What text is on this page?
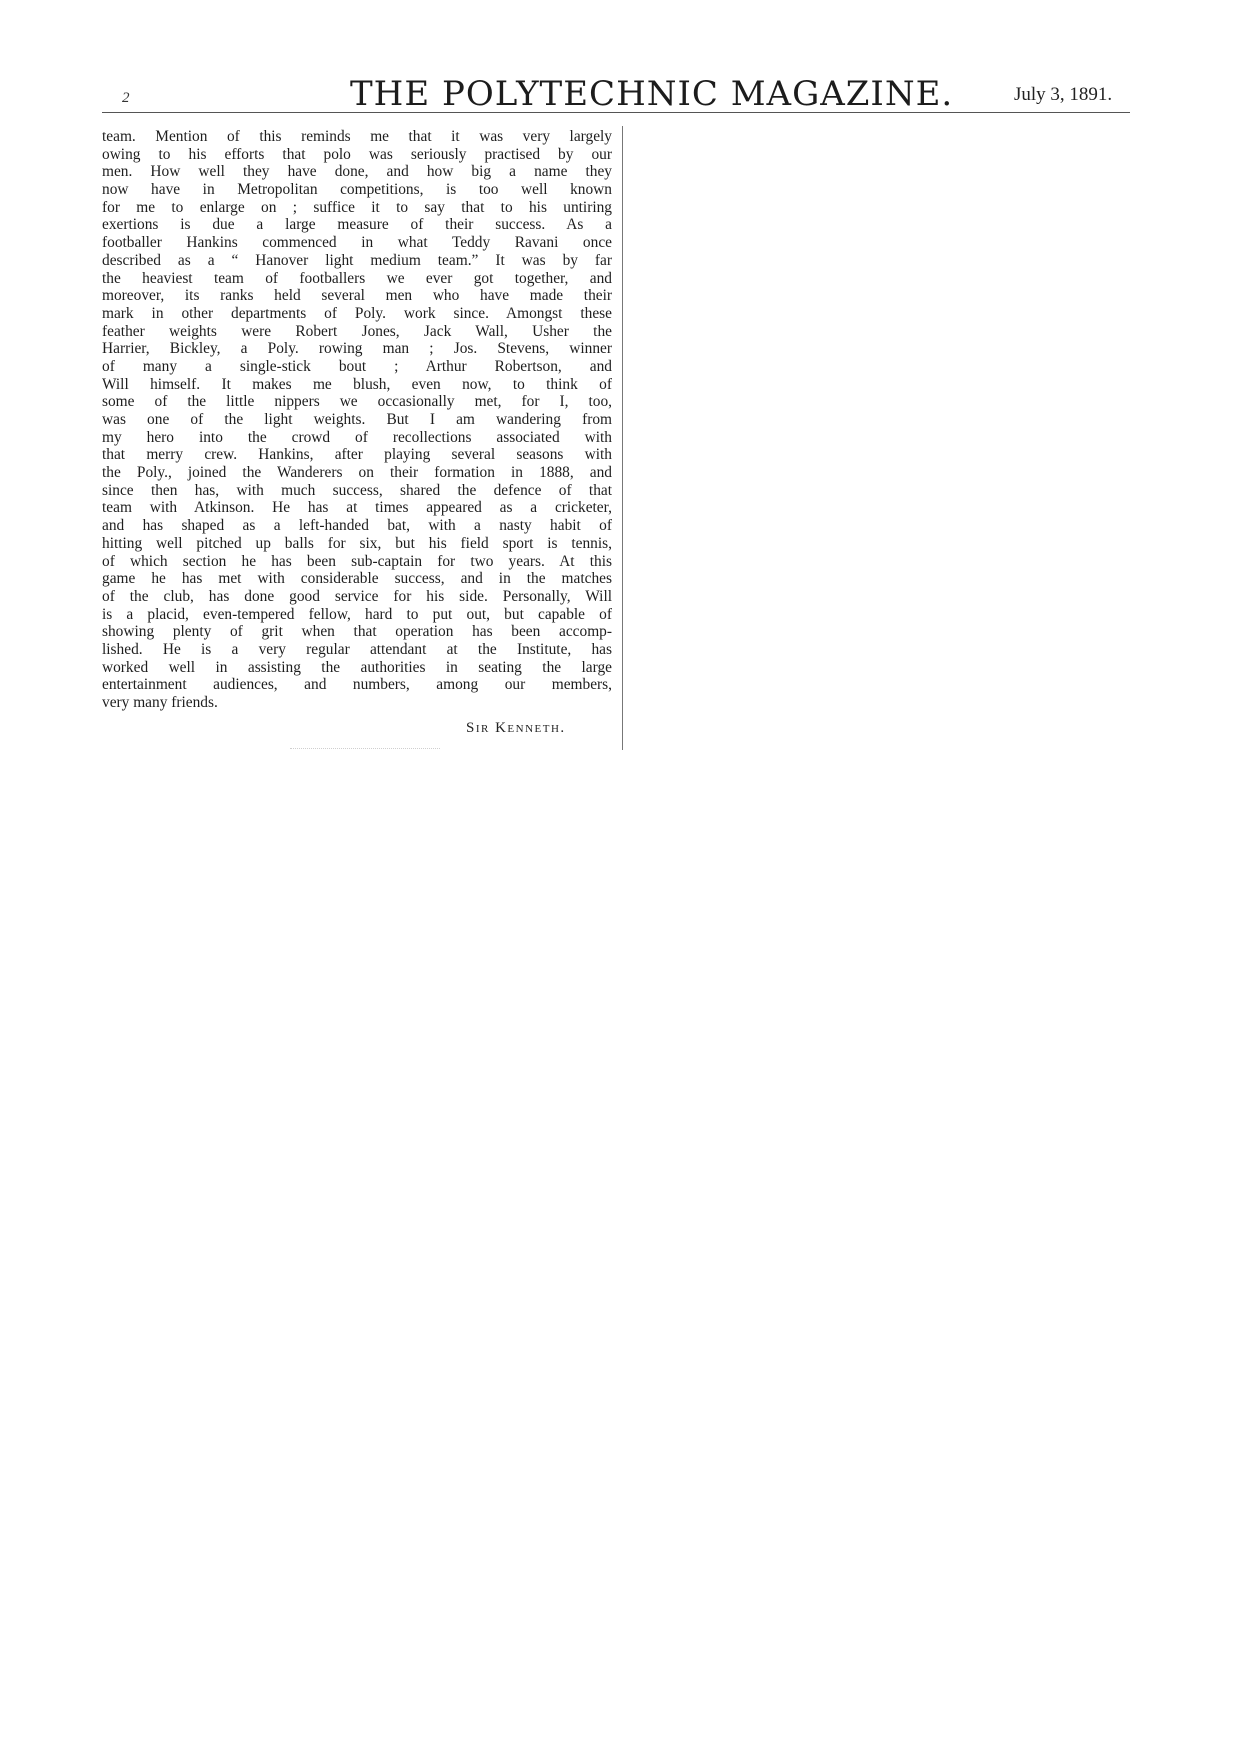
2	THE POLYTECHNIC MAGAZINE.	July 3, 1891.
team. Mention of this reminds me that it was very largely
owing to his efforts that polo was seriously practised by our
men. How well they have done, and how big a name they
now have in Metropolitan competitions, is too well known
for me to enlarge on ; suffice it to say that to his untiring
exertions is due a large measure of their success. As a
footballer Hankins commenced in what Teddy Ravani once
described as a “ Hanover light medium team.” It was by far
the heaviest team of footballers we ever got together, and
moreover, its ranks held several men who have made their
mark in other departments of Poly. work since. Amongst these
feather weights were Robert Jones, Jack Wall, Usher the
Harrier, Bickley, a Poly. rowing man ; Jos. Stevens, winner
of many a single-stick bout ; Arthur Robertson, and
Will himself. It makes me blush, even now, to think of
some of the little nippers we occasionally met, for I, too,
was one of the light weights. But I am wandering from
my hero into the crowd of recollections associated with
that merry crew. Hankins, after playing several seasons with
the Poly., joined the Wanderers on their formation in 1888, and
since then has, with much success, shared the defence of that
team with Atkinson. He has at times appeared as a cricketer,
and has shaped as a left-handed bat, with a nasty habit of
hitting well pitched up balls for six, but his field sport is tennis,
of which section he has been sub-captain for two years. At this
game he has met with considerable success, and in the matches
of the club, has done good service for his side. Personally, Will
is a placid, even-tempered fellow, hard to put out, but capable of
showing plenty of grit when that operation has been accomp-
lished. He is a very regular attendant at the Institute, has
worked well in assisting the authorities in seating the large
entertainment audiences, and numbers, among our members,
very many friends.
Sir Kenneth.
